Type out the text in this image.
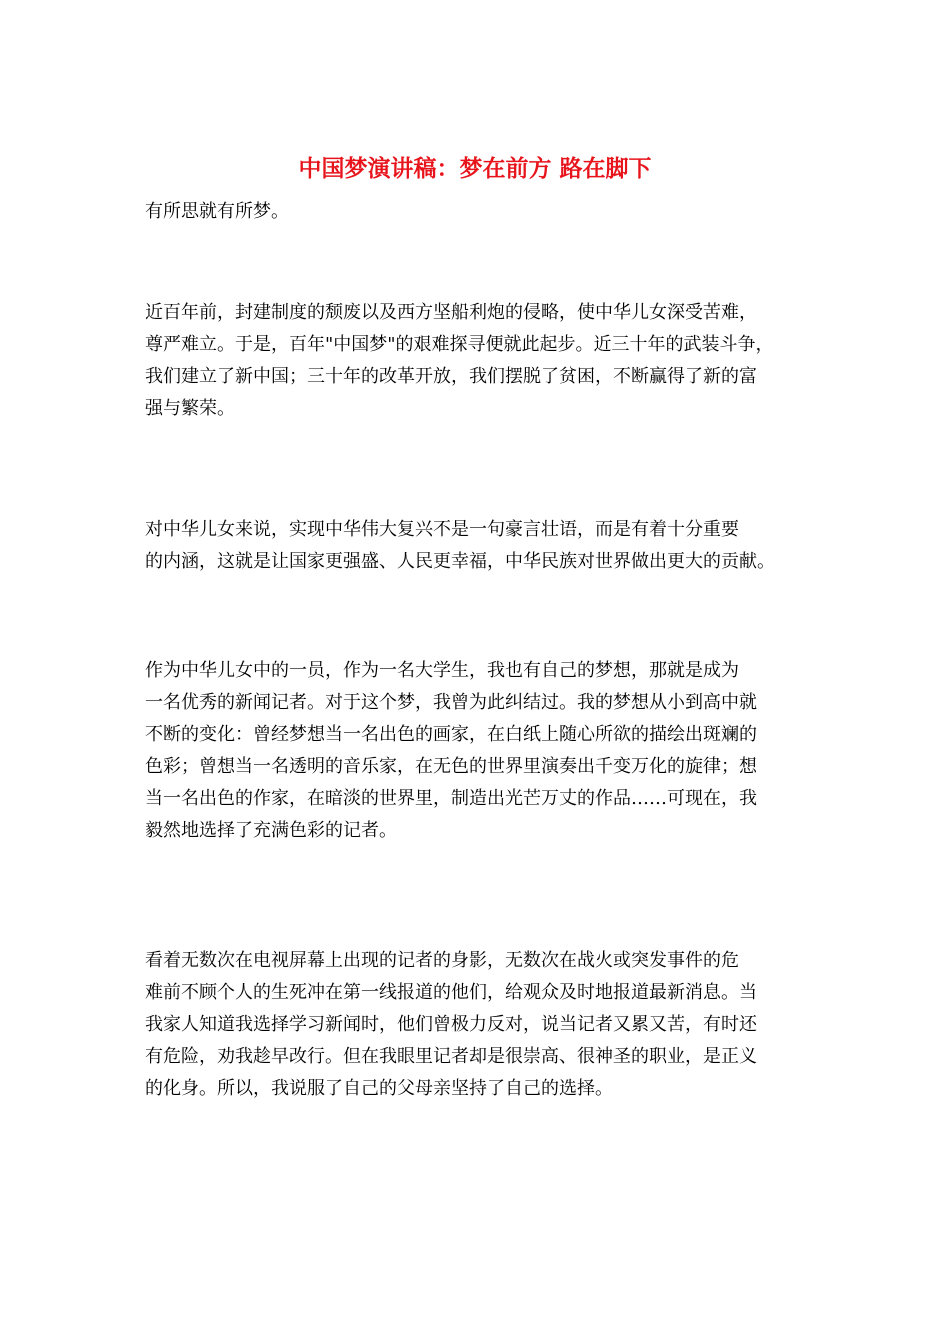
中国梦演讲稿：梦在前方 路在脚下

有所思就有所梦。

近百年前，封建制度的颓废以及西方坚船利炮的侵略，使中华儿女深受苦难，
尊严难立。于是，百年"中国梦"的艰难探寻便就此起步。近三十年的武装斗争，
我们建立了新中国；三十年的改革开放，我们摆脱了贫困，不断赢得了新的富
强与繁荣。

对中华儿女来说，实现中华伟大复兴不是一句豪言壮语，而是有着十分重要
的内涵，这就是让国家更强盛、人民更幸福，中华民族对世界做出更大的贡献。

作为中华儿女中的一员，作为一名大学生，我也有自己的梦想，那就是成为
一名优秀的新闻记者。对于这个梦，我曾为此纠结过。我的梦想从小到高中就
不断的变化：曾经梦想当一名出色的画家，在白纸上随心所欲的描绘出斑斓的
色彩；曾想当一名透明的音乐家，在无色的世界里演奏出千变万化的旋律；想
当一名出色的作家，在暗淡的世界里，制造出光芒万丈的作品……可现在，我
毅然地选择了充满色彩的记者。

看着无数次在电视屏幕上出现的记者的身影，无数次在战火或突发事件的危
难前不顾个人的生死冲在第一线报道的他们，给观众及时地报道最新消息。当
我家人知道我选择学习新闻时，他们曾极力反对，说当记者又累又苦，有时还
有危险，劝我趁早改行。但在我眼里记者却是很崇高、很神圣的职业，是正义
的化身。所以，我说服了自己的父母亲坚持了自己的选择。
